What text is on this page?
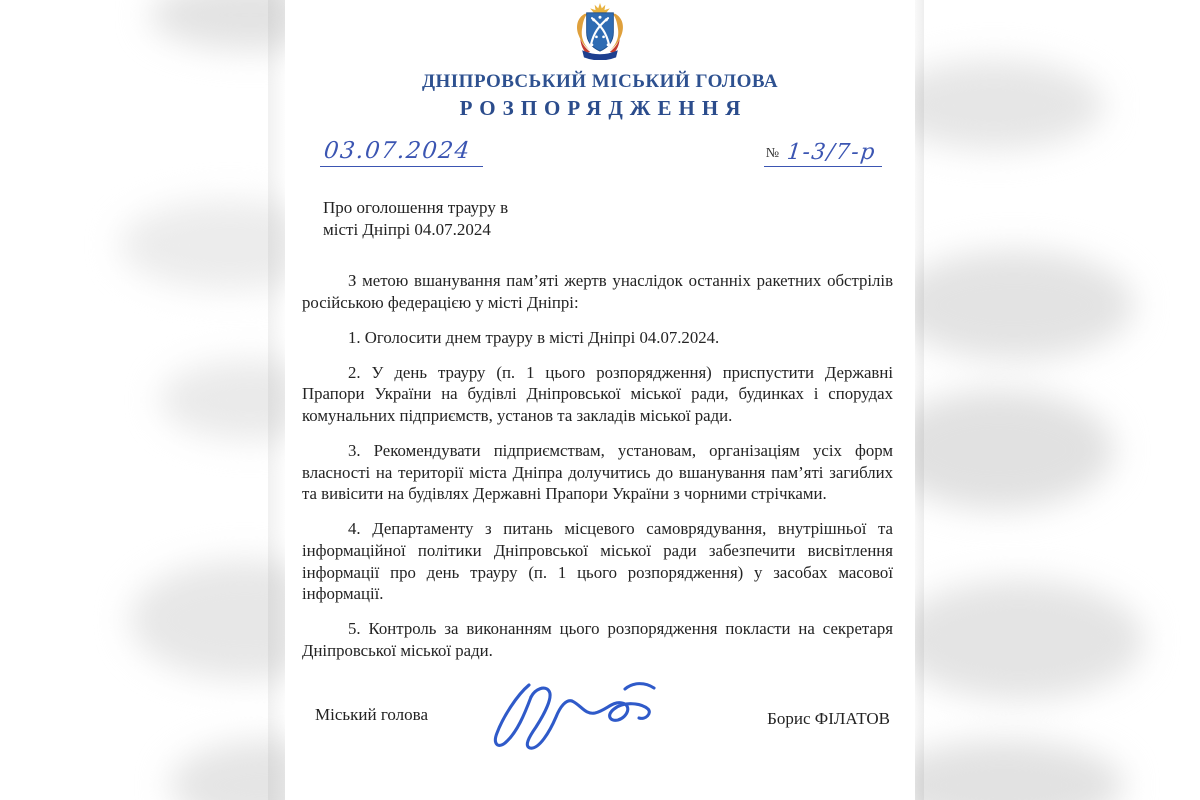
ДНІПРОВСЬКИЙ МІСЬКИЙ ГОЛОВА
РОЗПОРЯДЖЕННЯ
03.07.2024	№ 1-3/7-р
Про оголошення трауру в
місті Дніпрі 04.07.2024

З метою вшанування пам’яті жертв унаслідок останніх ракетних обстрілів російською федерацією у місті Дніпрі:

1. Оголосити днем трауру в місті Дніпрі 04.07.2024.

2. У день трауру (п. 1 цього розпорядження) приспустити Державні Прапори України на будівлі Дніпровської міської ради, будинках і спорудах комунальних підприємств, установ та закладів міської ради.

3. Рекомендувати підприємствам, установам, організаціям усіх форм власності на території міста Дніпра долучитись до вшанування пам’яті загиблих та вивісити на будівлях Державні Прапори України з чорними стрічками.

4. Департаменту з питань місцевого самоврядування, внутрішньої та інформаційної політики Дніпровської міської ради забезпечити висвітлення інформації про день трауру (п. 1 цього розпорядження) у засобах масової інформації.

5. Контроль за виконанням цього розпорядження покласти на секретаря Дніпровської міської ради.

Міський голова	Борис ФІЛАТОВ
